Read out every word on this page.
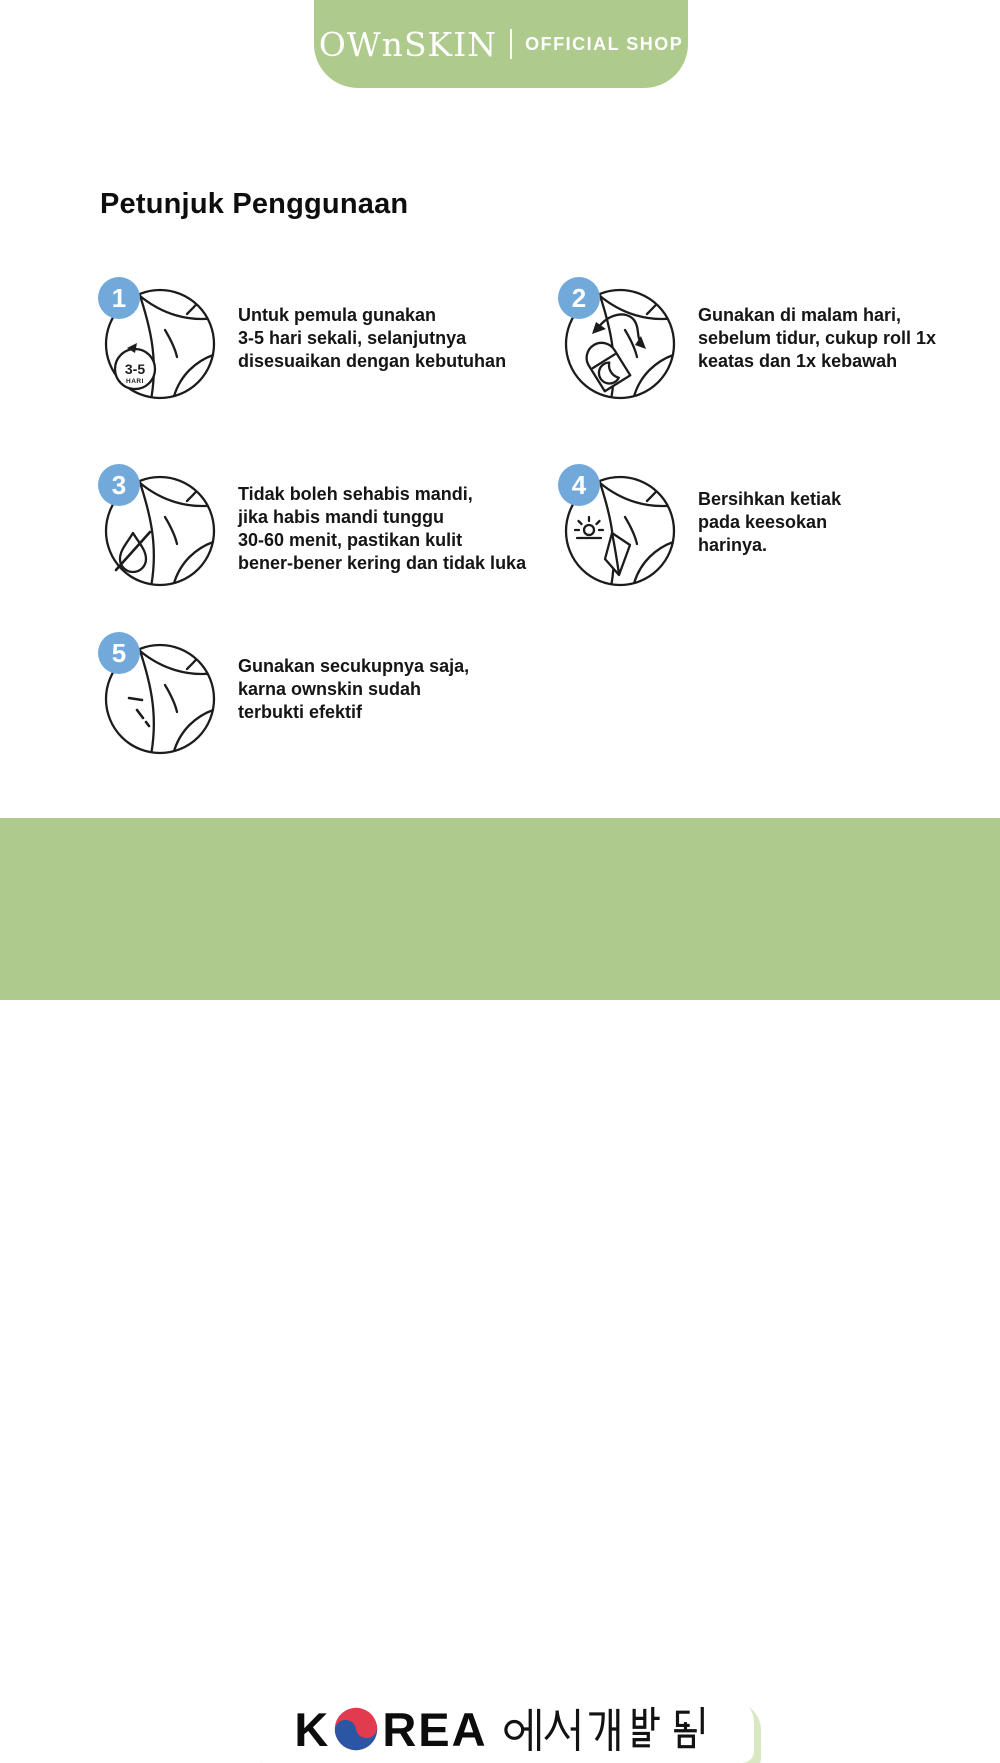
OW n SKIN OFFICIAL SHOP
Petunjuk Penggunaan
1
3-5
HARI
Untuk pemula gunakan
3-5 hari sekali, selanjutnya
disesuaikan dengan kebutuhan
2
Gunakan di malam hari,
sebelum tidur, cukup roll 1x
keatas dan 1x kebawah
3	Tidak boleh sehabis mandi,
jika habis mandi tunggu
30-60 menit, pastikan kulit
bener-bener kering dan tidak luka
4	Bersihkan ketiak
pada keesokan
harinya.
5	Gunakan secukupnya saja,
karna ownskin sudah
terbukti efektif
K REA
